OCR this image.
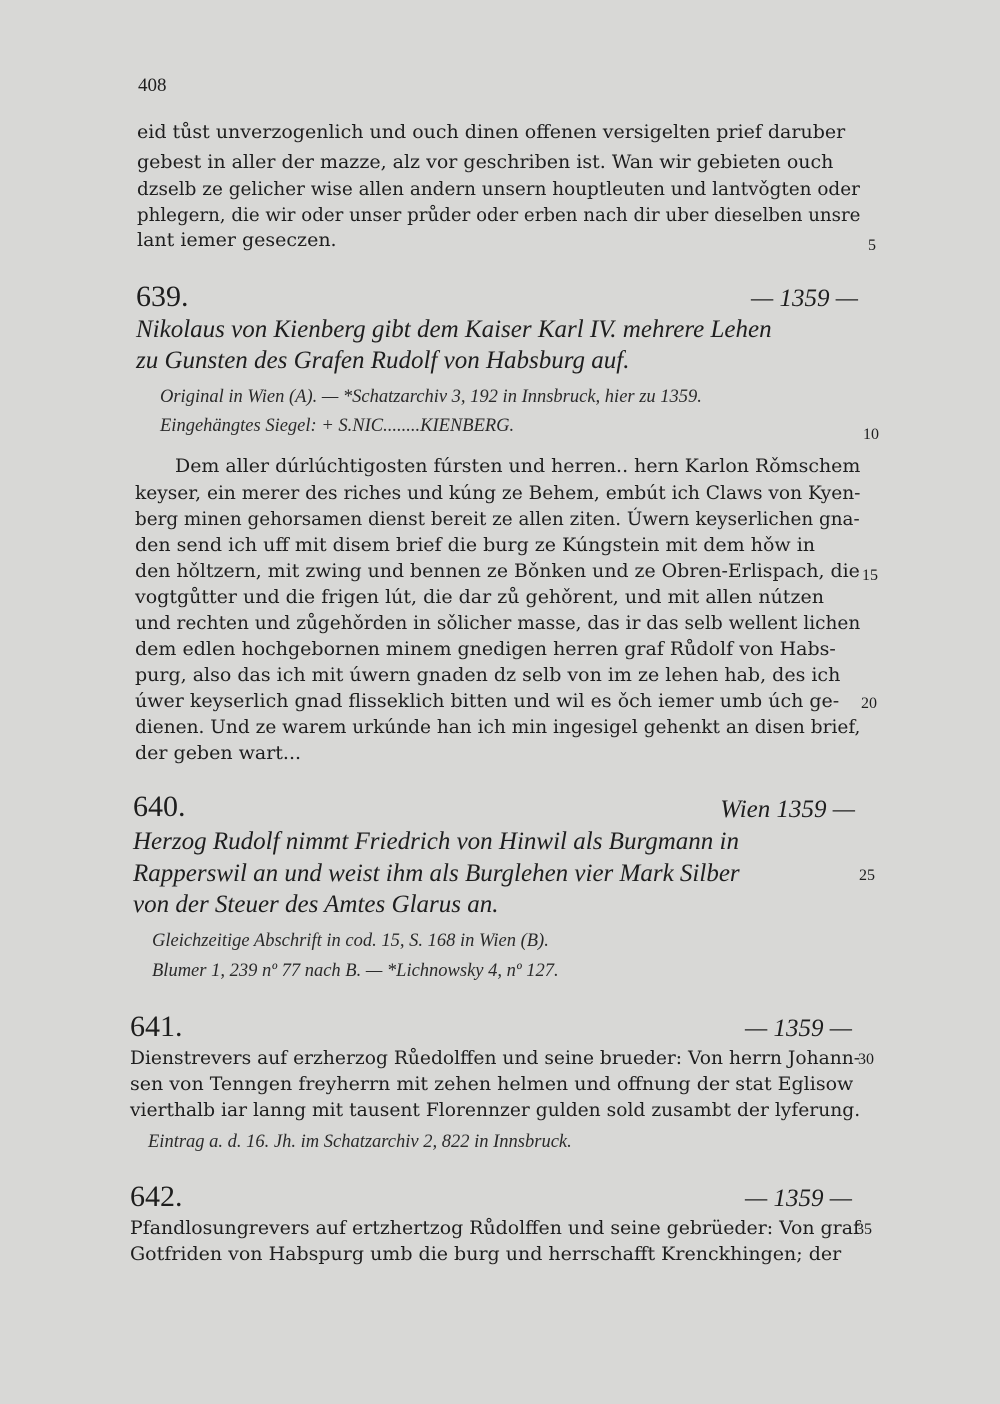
408
eid tůst unverzogenlich und ouch dinen offenen versigelten prief daruber
gebest in aller der mazze, alz vor geschriben ist. Wan wir gebieten ouch
dzselb ze gelicher wise allen andern unsern houptleuten und lantvǒgten oder
phlegern, die wir oder unser průder oder erben nach dir uber dieselben unsre
lant iemer geseczen.	5
639.	— 1359 —
Nikolaus von Kienberg gibt dem Kaiser Karl IV. mehrere Lehen
zu Gunsten des Grafen Rudolf von Habsburg auf.
Original in Wien (A). — *Schatzarchiv 3, 192 in Innsbruck, hier zu 1359.
Eingehängtes Siegel: + S.NIC........KIENBERG.	10
Dem aller dúrlúchtigosten fúrsten und herren.. hern Karlon Rǒmschem
keyser, ein merer des riches und kúng ze Behem, embút ich Claws von Kyen-
berg minen gehorsamen dienst bereit ze allen ziten. Úwern keyserlichen gna-
den send ich uff mit disem brief die burg ze Kúngstein mit dem hǒw in
den hǒltzern, mit zwing und bennen ze Bǒnken und ze Obren-Erlispach, die 15
vogtgůtter und die frigen lút, die dar zů gehǒrent, und mit allen nútzen
und rechten und zůgehǒrden in sǒlicher masse, das ir das selb wellent lichen
dem edlen hochgebornen minem gnedigen herren graf Růdolf von Habs-
purg, also das ich mit úwern gnaden dz selb von im ze lehen hab, des ich
úwer keyserlich gnad flisseklich bitten und wil es ǒch iemer umb úch ge- 20
dienen. Und ze warem urkúnde han ich min ingesigel gehenkt an disen brief,
der geben wart...
640.	Wien 1359 —
Herzog Rudolf nimmt Friedrich von Hinwil als Burgmann in
Rapperswil an und weist ihm als Burglehen vier Mark Silber	25
von der Steuer des Amtes Glarus an.
Gleichzeitige Abschrift in cod. 15, S. 168 in Wien (B).
Blumer 1, 239 nº 77 nach B. — *Lichnowsky 4, nº 127.
641.	— 1359 —
Dienstrevers auf erzherzog Růedolffen und seine brueder: Von herrn Johann-
30
sen von Tenngen freyherrn mit zehen helmen und offnung der stat Eglisow
vierthalb iar lanng mit tausent Florennzer gulden sold zusambt der lyferung.
Eintrag a. d. 16. Jh. im Schatzarchiv 2, 822 in Innsbruck.
642.	— 1359 —
Pfandlosungrevers auf ertzhertzog Růdolffen und seine gebrüeder: Von graf
35
Gotfriden von Habspurg umb die burg und herrschafft Krenckhingen; der
